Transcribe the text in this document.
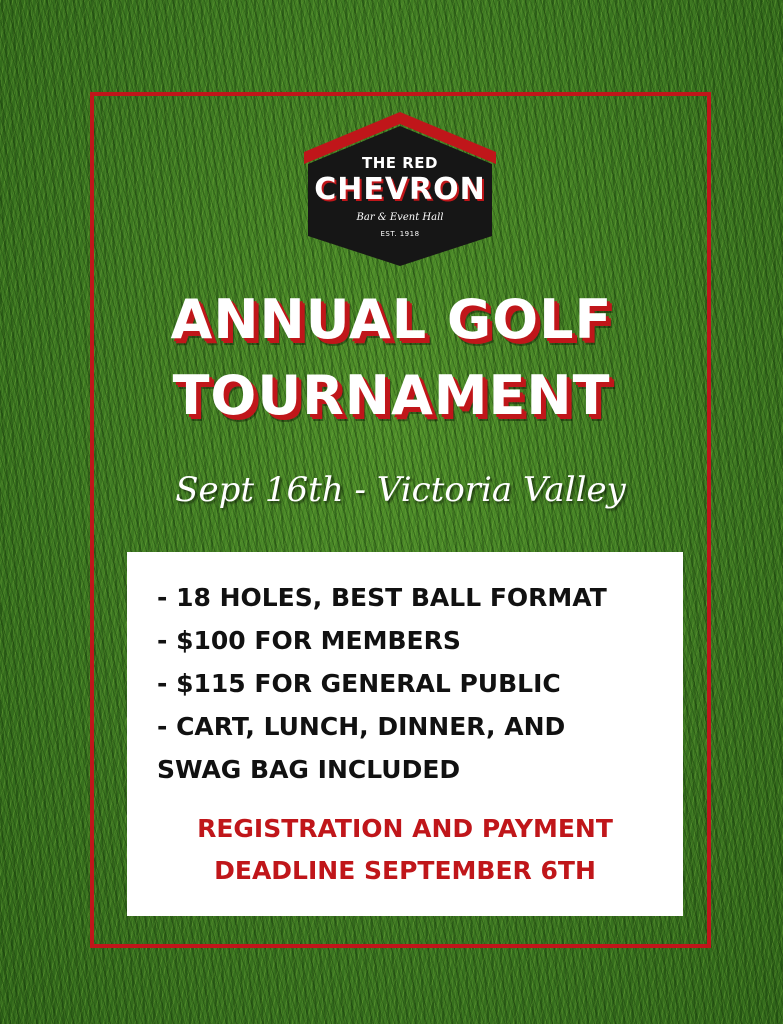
THE RED
CHEVRON
Bar & Event Hall
EST. 1918
ANNUAL GOLF
TOURNAMENT
Sept 16th - Victoria Valley
- 18 HOLES, BEST BALL FORMAT
- $100 FOR MEMBERS
- $115 FOR GENERAL PUBLIC
- CART, LUNCH, DINNER, AND
SWAG BAG INCLUDED
REGISTRATION AND PAYMENT
DEADLINE SEPTEMBER 6TH
